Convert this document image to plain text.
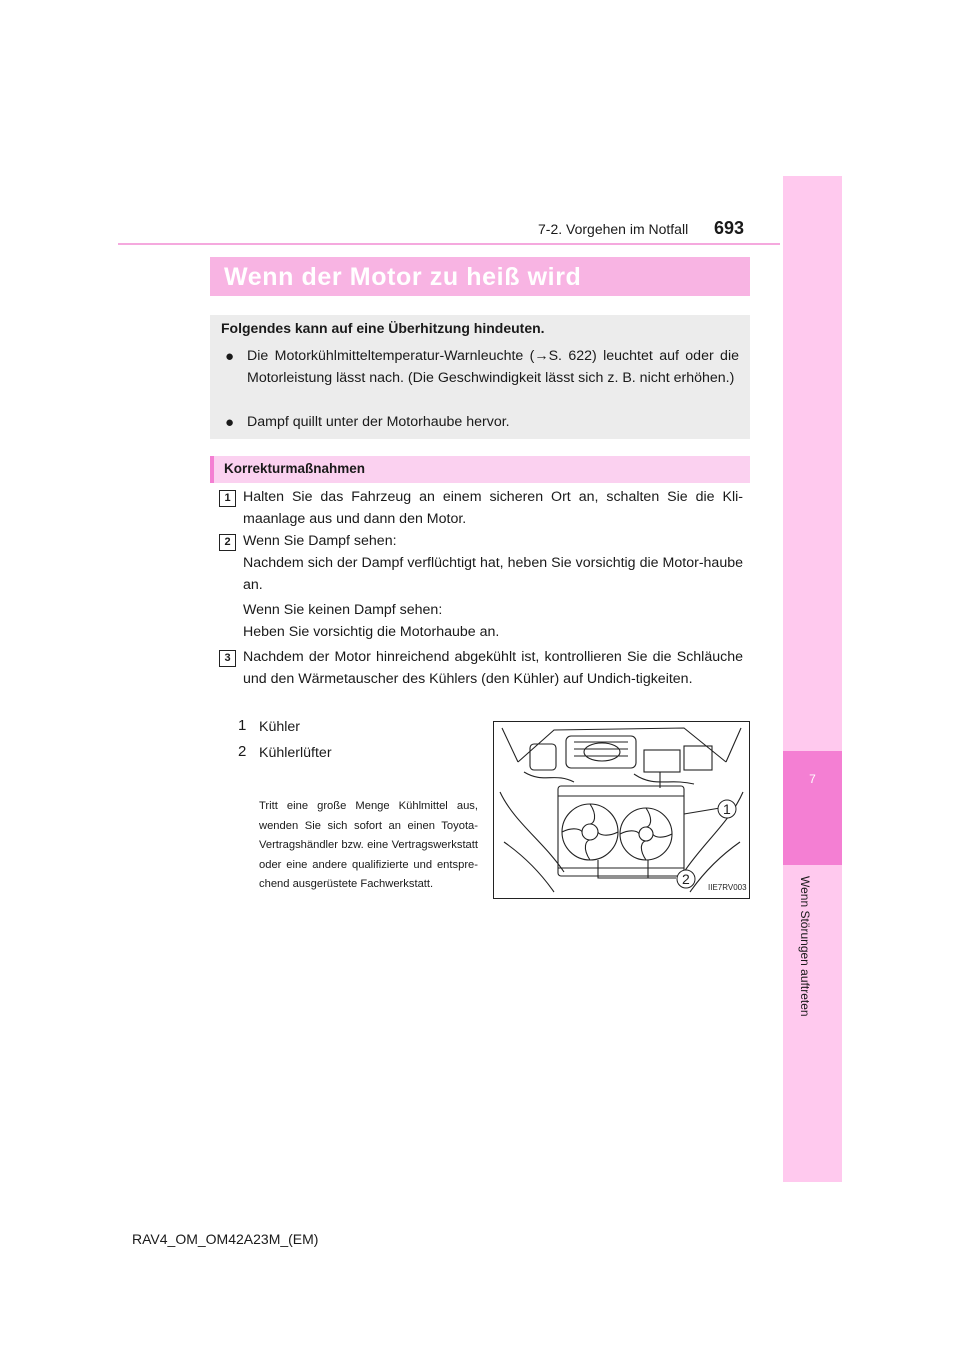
7-2. Vorgehen im Notfall 693
7
Wenn Störungen auftreten
Wenn der Motor zu heiß wird
Folgendes kann auf eine Überhitzung hindeuten.
● Die Motorkühlmitteltemperatur-Warnleuchte (→S. 622) leuchtet auf oder die Motorleistung lässt nach. (Die Geschwindigkeit lässt sich z. B. nicht erhöhen.)
● Dampf quillt unter der Motorhaube hervor.
Korrekturmaßnahmen
1 Halten Sie das Fahrzeug an einem sicheren Ort an, schalten Sie die Kli-maanlage aus und dann den Motor.
2 Wenn Sie Dampf sehen:
Nachdem sich der Dampf verflüchtigt hat, heben Sie vorsichtig die Motor-haube an.
Wenn Sie keinen Dampf sehen:
Heben Sie vorsichtig die Motorhaube an.
3 Nachdem der Motor hinreichend abgekühlt ist, kontrollieren Sie die Schläuche und den Wärmetauscher des Kühlers (den Kühler) auf Undich-tigkeiten.
1 Kühler
2 Kühlerlüfter
Tritt eine große Menge Kühlmittel aus, wenden Sie sich sofort an einen Toyota-Vertragshändler bzw. eine Vertragswerkstatt oder eine andere qualifizierte und entspre-chend ausgerüstete Fachwerkstatt.
1
2
IIE7RV003
RAV4_OM_OM42A23M_(EM)
